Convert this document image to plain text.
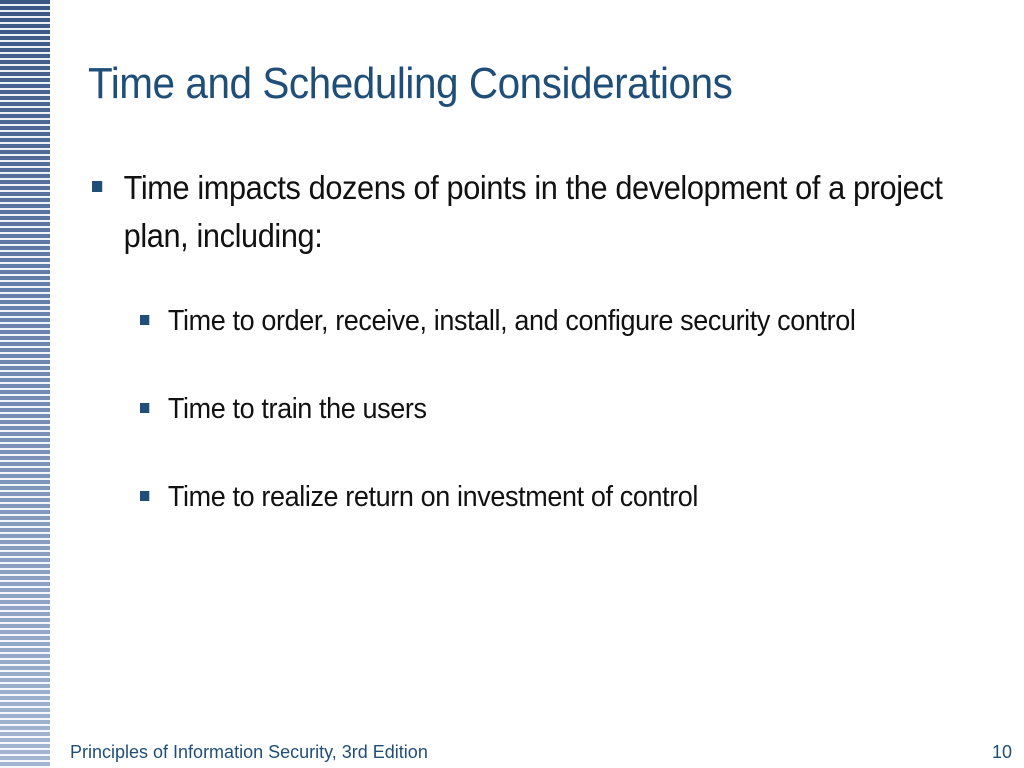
Time and Scheduling Considerations
Time impacts dozens of points in the development of a project plan, including:
Time to order, receive, install, and configure security control
Time to train the users
Time to realize return on investment of control
Principles of Information Security, 3rd Edition	10
